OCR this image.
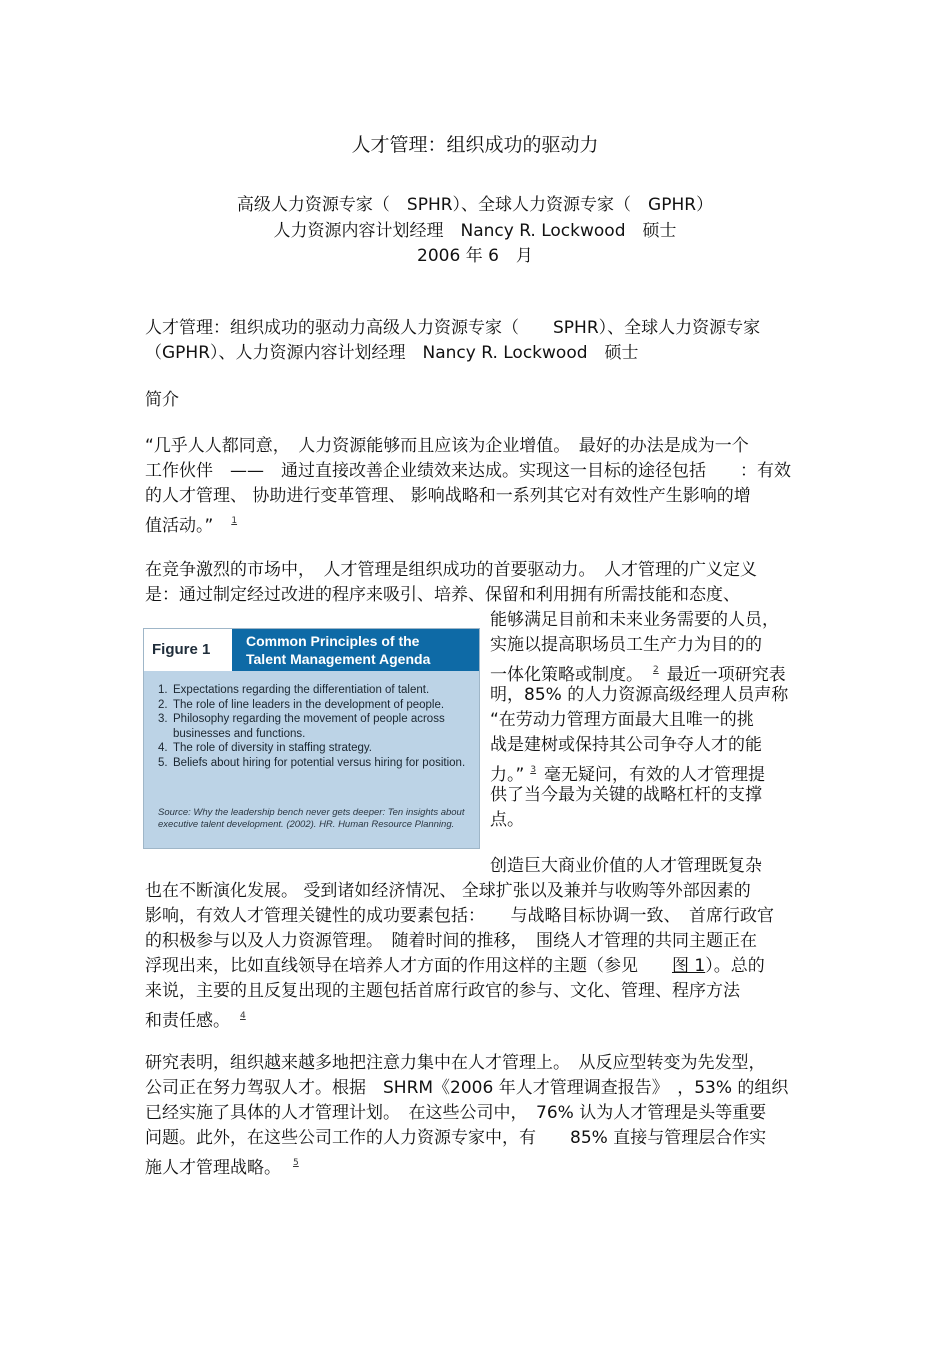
人才管理：组织成功的驱动力
高级人力资源专家（　SPHR）、全球人力资源专家（　GPHR）
人力资源内容计划经理　Nancy R. Lockwood　硕士
2006 年 6　月
人才管理：组织成功的驱动力高级人力资源专家（　　SPHR）、全球人力资源专家
（GPHR）、人力资源内容计划经理　Nancy R. Lockwood　硕士
简介
“几乎人人都同意，　人力资源能够而且应该为企业增值。　最好的办法是成为一个
工作伙伴　——　通过直接改善企业绩效来达成。实现这一目标的途径包括　　：有效
的人才管理、 协助进行变革管理、 影响战略和一系列其它对有效性产生影响的增
值活动。” $^1$
在竞争激烈的市场中，　人才管理是组织成功的首要驱动力。　人才管理的广义定义
是：通过制定经过改进的程序来吸引、培养、保留和利用拥有所需技能和态度、
能够满足目前和未来业务需要的人员，
实施以提高职场员工生产力为目的的
一体化策略或制度。 $^2$ 最近一项研究表
明，85% 的人力资源高级经理人员声称
“在劳动力管理方面最大且唯一的挑
战是建树或保持其公司争夺人才的能
力。” $^3$ 毫无疑问，有效的人才管理提
供了当今最为关键的战略杠杆的支撑
点。
Figure 1	Common Principles of the
Talent Management Agenda
1. Expectations regarding the differentiation of talent.
2. The role of line leaders in the development of people.
3. Philosophy regarding the movement of people across businesses and functions.
4. The role of diversity in staffing strategy.
5. Beliefs about hiring for potential versus hiring for position.
Source: Why the leadership bench never gets deeper: Ten insights about executive talent development. (2002). HR. Human Resource Planning.
创造巨大商业价值的人才管理既复杂
也在不断演化发展。 受到诸如经济情况、 全球扩张以及兼并与收购等外部因素的
影响，有效人才管理关键性的成功要素包括：　　与战略目标协调一致、　首席行政官
的积极参与以及人力资源管理。　随着时间的推移，　围绕人才管理的共同主题正在
浮现出来，比如直线领导在培养人才方面的作用这样的主题（参见　　图 1）。总的
来说，主要的且反复出现的主题包括首席行政官的参与、文化、管理、程序方法
和责任感。 $^4$
研究表明，组织越来越多地把注意力集中在人才管理上。　从反应型转变为先发型，
公司正在努力驾驭人才。根据　SHRM《2006 年人才管理调查报告》　，53% 的组织
已经实施了具体的人才管理计划。　在这些公司中，　76% 认为人才管理是头等重要
问题。此外，在这些公司工作的人力资源专家中，有　　85% 直接与管理层合作实
施人才管理战略。 $^5$
